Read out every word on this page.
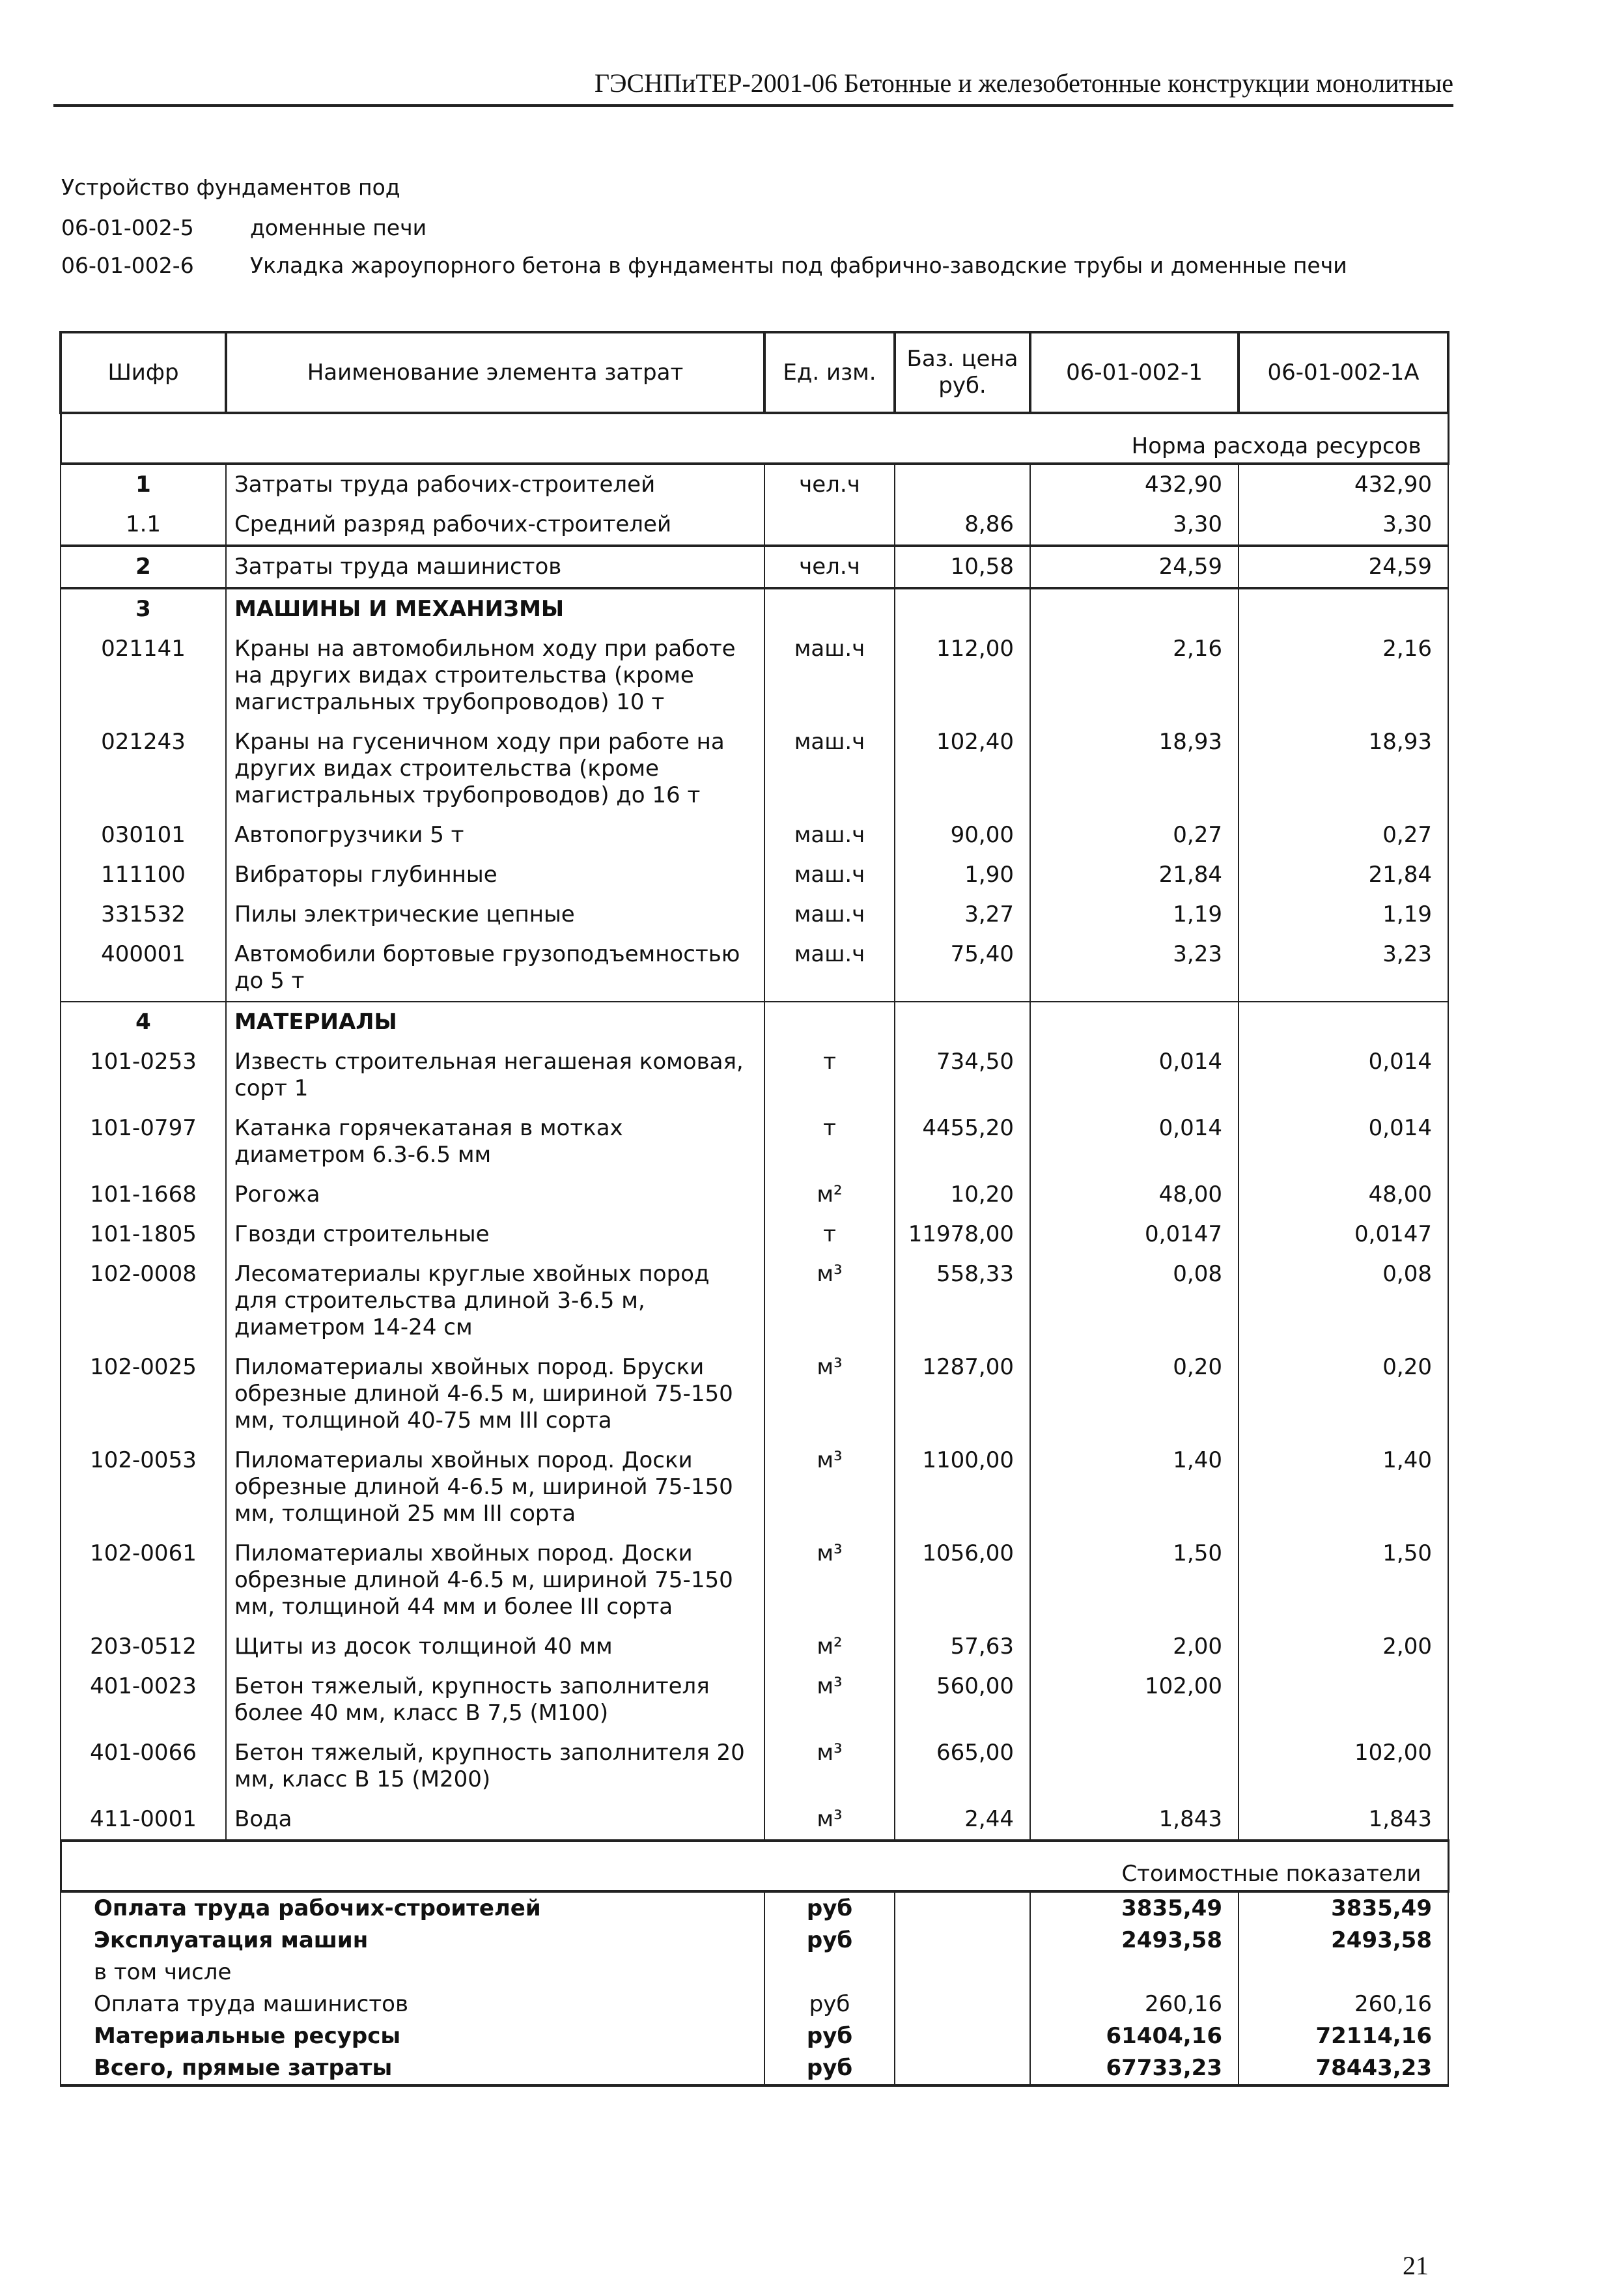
ГЭСНПиТЕР-2001-06 Бетонные и железобетонные конструкции монолитные
Устройство фундаментов под
06-01-002-5	доменные печи
06-01-002-6	Укладка жароупорного бетона в фундаменты под фабрично-заводские трубы и доменные печи
Шифр	Наименование элемента затрат	Ед. изм.	Баз. цена руб.	06-01-002-1	06-01-002-1А
Норма расхода ресурсов					
1	Затраты труда рабочих-строителей	чел.ч		432,90	432,90
1.1	Средний разряд рабочих-строителей		8,86	3,30	3,30
2	Затраты труда машинистов	чел.ч	10,58	24,59	24,59
3	МАШИНЫ И МЕХАНИЗМЫ				
021141	Краны на автомобильном ходу при работе на других видах строительства (кроме магистральных трубопроводов) 10 т	маш.ч	112,00	2,16	2,16
021243	Краны на гусеничном ходу при работе на других видах строительства (кроме магистральных трубопроводов) до 16 т	маш.ч	102,40	18,93	18,93
030101	Автопогрузчики 5 т	маш.ч	90,00	0,27	0,27
111100	Вибраторы глубинные	маш.ч	1,90	21,84	21,84
331532	Пилы электрические цепные	маш.ч	3,27	1,19	1,19
400001	Автомобили бортовые грузоподъемностью до 5 т	маш.ч	75,40	3,23	3,23
4	МАТЕРИАЛЫ				
101-0253	Известь строительная негашеная комовая, сорт 1	т	734,50	0,014	0,014
101-0797	Катанка горячекатаная в мотках диаметром 6.3-6.5 мм	т	4455,20	0,014	0,014
101-1668	Рогожа	м²	10,20	48,00	48,00
101-1805	Гвозди строительные	т	11978,00	0,0147	0,0147
102-0008	Лесоматериалы круглые хвойных пород для строительства длиной 3-6.5 м, диаметром 14-24 см	м³	558,33	0,08	0,08
102-0025	Пиломатериалы хвойных пород. Бруски обрезные длиной 4-6.5 м, шириной 75-150 мм, толщиной 40-75 мм III сорта	м³	1287,00	0,20	0,20
102-0053	Пиломатериалы хвойных пород. Доски обрезные длиной 4-6.5 м, шириной 75-150 мм, толщиной 25 мм III сорта	м³	1100,00	1,40	1,40
102-0061	Пиломатериалы хвойных пород. Доски обрезные длиной 4-6.5 м, шириной 75-150 мм, толщиной 44 мм и более III сорта	м³	1056,00	1,50	1,50
203-0512	Щиты из досок толщиной 40 мм	м²	57,63	2,00	2,00
401-0023	Бетон тяжелый, крупность заполнителя более 40 мм, класс В 7,5 (М100)	м³	560,00	102,00	
401-0066	Бетон тяжелый, крупность заполнителя 20 мм, класс В 15 (М200)	м³	665,00		102,00
411-0001	Вода	м³	2,44	1,843	1,843
Стоимостные показатели					
Оплата труда рабочих-строителей		руб		3835,49	3835,49
Эксплуатация машин		руб		2493,58	2493,58
в том числе					
Оплата труда машинистов		руб		260,16	260,16
Материальные ресурсы		руб		61404,16	72114,16
Всего, прямые затраты		руб		67733,23	78443,23
21
